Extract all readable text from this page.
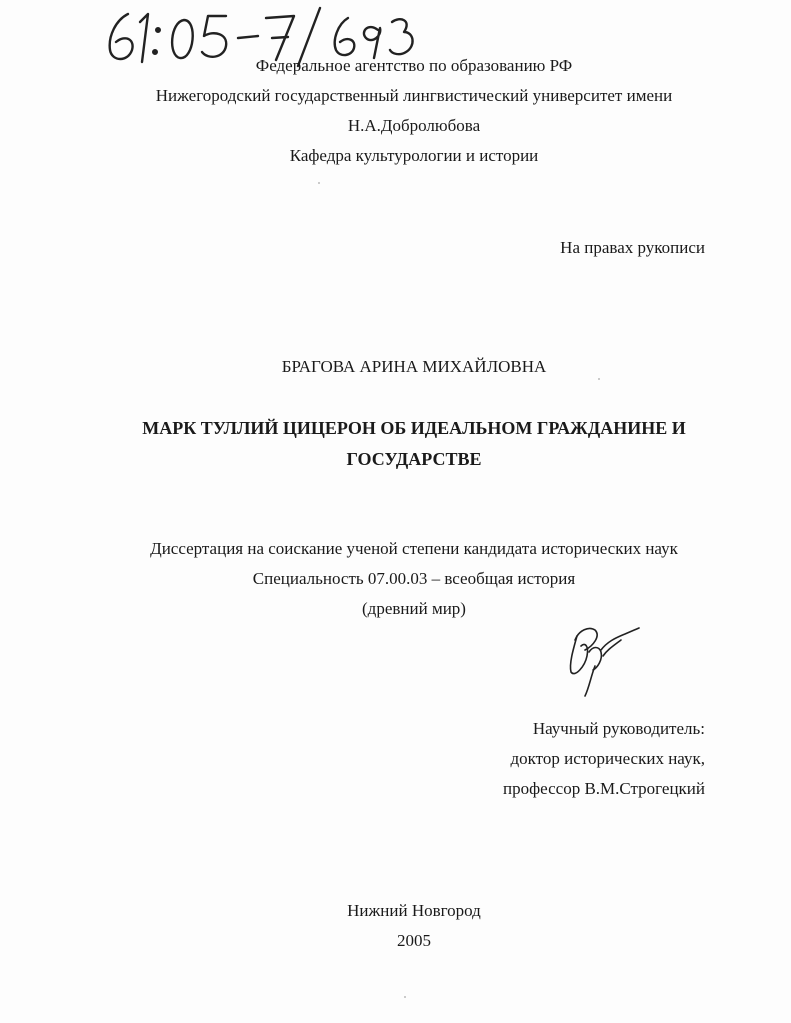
Федеральное агентство по образованию РФ
Нижегородский государственный лингвистический университет имени
Н.А.Добролюбова
Кафедра культурологии и истории
На правах рукописи
БРАГОВА АРИНА МИХАЙЛОВНА
МАРК ТУЛЛИЙ ЦИЦЕРОН ОБ ИДЕАЛЬНОМ ГРАЖДАНИНЕ И
ГОСУДАРСТВЕ
Диссертация на соискание ученой степени кандидата исторических наук
Специальность 07.00.03 – всеобщая история
(древний мир)
Научный руководитель:
доктор исторических наук,
профессор В.М.Строгецкий
Нижний Новгород
2005
